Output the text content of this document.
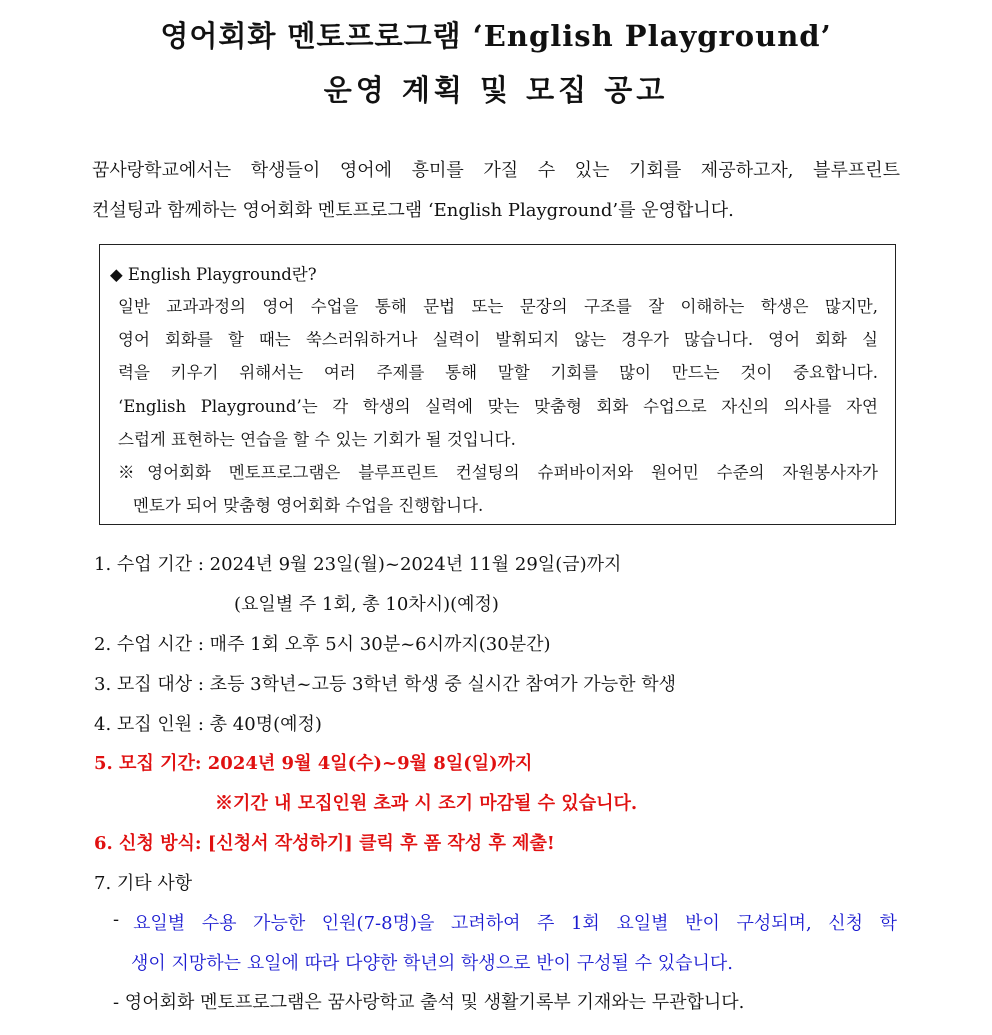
영어회화 멘토프로그램 ‘English Playground’
운영 계획 및 모집 공고
꿈사랑학교에서는 학생들이 영어에 흥미를 가질 수 있는 기회를 제공하고자, 블루프린트
컨설팅과 함께하는 영어회화 멘토프로그램 ‘English Playground’를 운영합니다.
◆ English Playground란?
일반 교과과정의 영어 수업을 통해 문법 또는 문장의 구조를 잘 이해하는 학생은 많지만,
영어 회화를 할 때는 쑥스러워하거나 실력이 발휘되지 않는 경우가 많습니다. 영어 회화 실
력을 키우기 위해서는 여러 주제를 통해 말할 기회를 많이 만드는 것이 중요합니다.
‘English Playground’는 각 학생의 실력에 맞는 맞춤형 회화 수업으로 자신의 의사를 자연
스럽게 표현하는 연습을 할 수 있는 기회가 될 것입니다.
※영어회화 멘토프로그램은 블루프린트 컨설팅의 슈퍼바이저와 원어민 수준의 자원봉사자가
멘토가 되어 맞춤형 영어회화 수업을 진행합니다.
1. 수업 기간 : 2024년 9월 23일(월)~2024년 11월 29일(금)까지
(요일별 주 1회, 총 10차시)(예정)
2. 수업 시간 : 매주 1회 오후 5시 30분~6시까지(30분간)
3. 모집 대상 : 초등 3학년~고등 3학년 학생 중 실시간 참여가 가능한 학생
4. 모집 인원 : 총 40명(예정)
5. 모집 기간: 2024년 9월 4일(수)~9월 8일(일)까지
※기간 내 모집인원 초과 시 조기 마감될 수 있습니다.
6. 신청 방식: [신청서 작성하기] 클릭 후 폼 작성 후 제출!
7. 기타 사항
- 요일별 수용 가능한 인원(7-8명)을 고려하여 주 1회 요일별 반이 구성되며, 신청 학
생이 지망하는 요일에 따라 다양한 학년의 학생으로 반이 구성될 수 있습니다.
- 영어회화 멘토프로그램은 꿈사랑학교 출석 및 생활기록부 기재와는 무관합니다.
